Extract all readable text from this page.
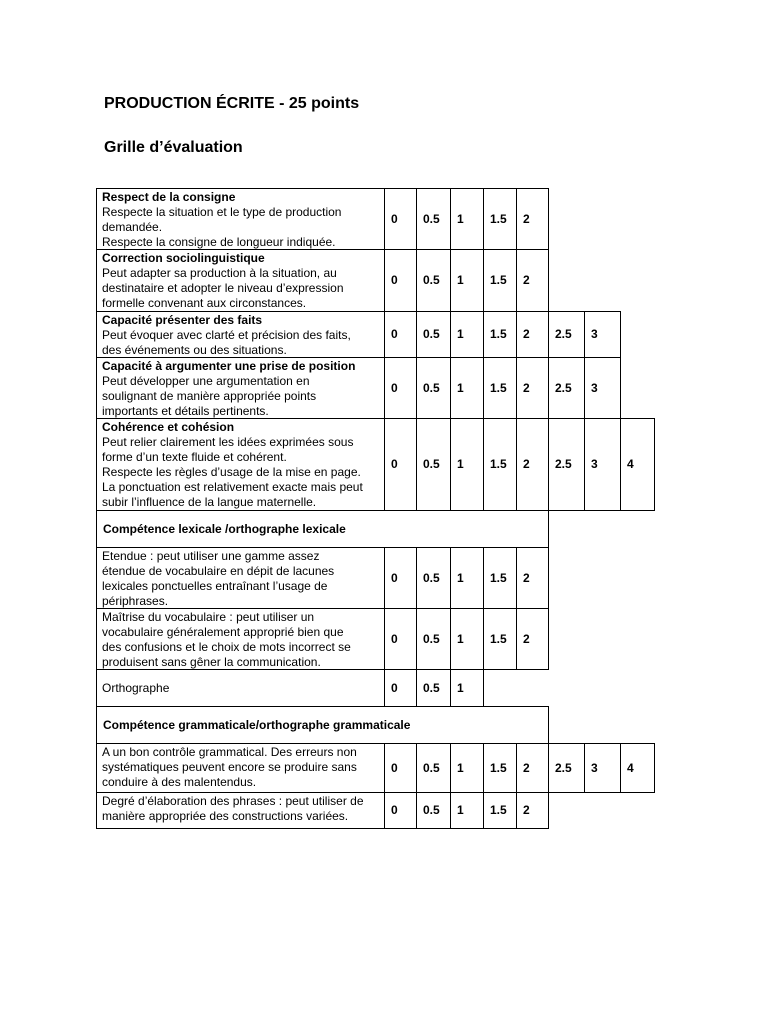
PRODUCTION ÉCRITE - 25 points
Grille d’évaluation
Respect de la consigne
Respecte la situation et le type de production
demandée.
Respecte la consigne de longueur indiquée.
0	0.5	1	1.5	2
Correction sociolinguistique
Peut adapter sa production à la situation, au
destinataire et adopter le niveau d’expression
formelle convenant aux circonstances.
0	0.5	1	1.5	2
Capacité présenter des faits
Peut évoquer avec clarté et précision des faits,
des événements ou des situations.
0	0.5	1	1.5	2	2.5	3
Capacité à argumenter une prise de position
Peut développer une argumentation en
soulignant de manière appropriée points
importants et détails pertinents.
0	0.5	1	1.5	2	2.5	3
Cohérence et cohésion
Peut relier clairement les idées exprimées sous
forme d’un texte fluide et cohérent.
Respecte les règles d’usage de la mise en page.
La ponctuation est relativement exacte mais peut
subir l’influence de la langue maternelle.
0	0.5	1	1.5	2	2.5	3	4
Compétence lexicale /orthographe lexicale
Etendue : peut utiliser une gamme assez
étendue de vocabulaire en dépit de lacunes
lexicales ponctuelles entraînant l’usage de
périphrases.
0	0.5	1	1.5	2
Maîtrise du vocabulaire : peut utiliser un
vocabulaire généralement approprié bien que
des confusions et le choix de mots incorrect se
produisent sans gêner la communication.
0	0.5	1	1.5	2
Orthographe	0	0.5	1
Compétence grammaticale/orthographe grammaticale
A un bon contrôle grammatical. Des erreurs non
systématiques peuvent encore se produire sans
conduire à des malentendus.
0	0.5	1	1.5	2	2.5	3	4
Degré d’élaboration des phrases : peut utiliser de
manière appropriée des constructions variées.	0	0.5	1	1.5	2
